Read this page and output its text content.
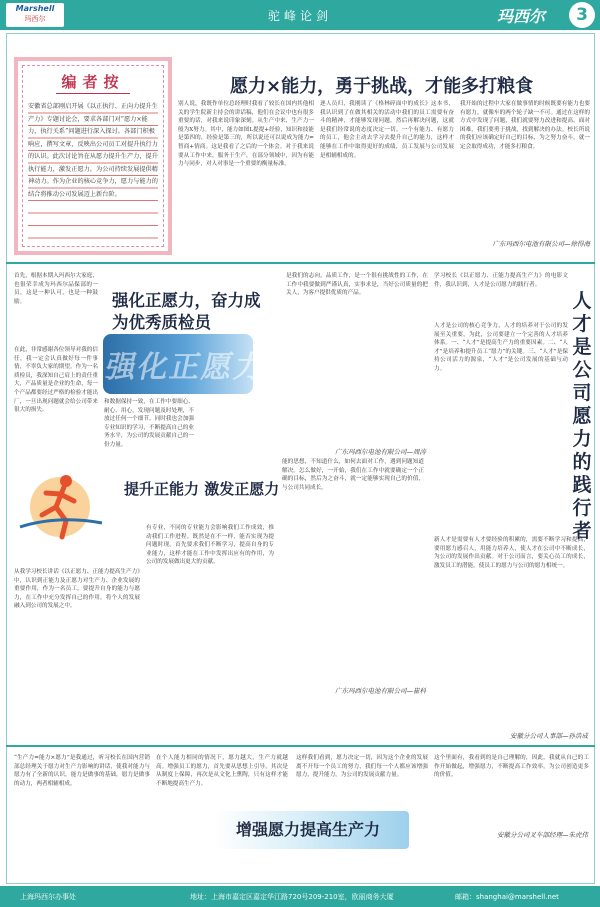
Marshell
玛西尔	驼峰论剑	玛西尔	3
编者按
安徽省总部刚启开展《以正执行、正向力提升生产力》专题讨论会，要求各部门对“愿力×能力，执行关系”问题进行深入探讨。各部门积极响应，撰写文章，反映出公司员工对提升执行力的认识。此次讨论旨在从愿力提升生产力，提升执行能力，激发正愿力，为公司持续发展提供精神动力。作为企业的核心竞争力，愿力与能力的结合将推动公司发展迈上新台阶。
愿力×能力，勇于挑战，才能多打粮食
别人说，我既作单位总经理时我看了较长在国内其他相关的学生院新主持会的讲话稿，他们在会议中也有很多重要的话，对我来说印象深刻。从生产中来，生产力一般为X努力。其中，能力如图L提提+经验，知识和技能是第四的，经验是第三的，所以说还可以说成为能力=智商+情商。这是我看了之后的一个体会。对于我来说要从工作中来，服务于生产，在部分领域中，因为有能力与同步，对人对事是一个重要的衡量标准。
逐人员归，我刚读了《格林碎面中的成长》这本书，我认识到了在做其相关的活动中我们的员工需要有奋斗的精神，才能够发现问题，然后再解决问题，这就是我们经常说的态度决定一切。一个有能力、有愿力的员工，他会主动去学习去提升自己的能力，这样才能够在工作中取得更好的成绩，员工发展与公司发展是相辅相成的。
我开始的过程中大家在做事情的时候既要有能力也要有愿力，就像车的两个轮子缺一不可。通过在这样的方式中发现了问题，我们就要努力改进和提高。面对困难，我们要勇于挑战，找到解决的办法。校长所说的我们应该确定好自己的目标，为之努力奋斗，就一定会取得成功，才能多打粮食。
广东玛西尔电池有限公司—徐得海
首先，根据本期入玛西尔大家庭，也很荣幸成为玛西尔品保部的一员，这是一种认可，也是一种鼓励。	强化正愿力，奋力成为优秀质检员
强化正愿力
在此，非常感谢各位领导对我的信任，我一定会认真做好每一件事情，不辜负大家的期望。作为一名质检员，我深知自己肩上的责任重大，产品质量是企业的生命，每一个产品都要经过严格的检验才能出厂，一旦出现问题就会给公司带来很大的损失。
和数据保持一致，在工作中要细心、耐心、用心，发现问题及时处理，不放过任何一个细节。同时我也会加强专业知识的学习，不断提高自己的业务水平，为公司的发展贡献自己的一份力量。
是我们的志向。品质工作，是一个很有挑战性的工作，在工作中我要做到严谨认真，实事求是，当好公司质量的把关人，为客户提供优质的产品。
广东玛西尔电池有限公司—周涛
提升正能力 激发正愿力
从我学习校长讲话《以正愿力、正能力提高生产力》中，认识到正能力及正愿力对生产力、企业发展的重要作用，作为一名员工，要提升自身的能力与愿力，在工作中充分发挥自己的作用，将个人的发展融入到公司的发展之中。
有专业，不同的专业能力会影响我们工作成效，推动我们工作进程。既然是在不一样，能否实现为提问题时现。首先要求我们不断学习，提高自身的专业能力，这样才能在工作中发挥出应有的作用，为公司的发展做出更大的贡献。
能的思想，不知道什么，如何去面对工作，遇到问题知道解决。怎么做好，一开始，我们在工作中就要确定一个正确的目标，然后为之奋斗，就一定能够实现自己的价值，与公司共同成长。
广东玛西尔电池有限公司—崔科
人才是公司愿力的践行者
学习校长《以正愿力、正能力提高生产力》的电影文件，我认识到，人才是公司愿力的践行者。
人才是公司的核心竞争力，人才的培养对于公司的发展至关重要，为此，公司要建立一个完善的人才培养体系。一、“人才”是提高生产力的重要因素。二、“人才”是培养和提升员工“愿力”的关键。三、“人才”是保持公司活力的源泉，“人才”是公司发展的基础与动力。
新人才是需要有人才要经验的积累的，需要不断学习和提高，要用愿力感召人，用能力培养人，使人才在公司中不断成长，为公司的发展作出贡献。对于公司而言，要关心员工的成长，激发员工的潜能，使员工的愿力与公司的愿力相统一。
安徽分公司人事部—孙浩成
“生产力=能力×愿力”是我通过，听习校长在国内营销部总经理关于愿力对生产力影响的讲话，使我对能力与愿力有了全新的认识，能力是做事的基础，愿力是做事的动力，两者相辅相成。
在个人能力相同的情况下，愿力越大，生产力就越高。增强员工的愿力，首先要从思想上引导，其次是从制度上保障，再次是从文化上熏陶，只有这样才能不断地提高生产力。
增强愿力提高生产力
这样我们看到，愿力决定一切，因为这个企业的发展离不开每一个员工的努力，我们每一个人都应该增强愿力，提升能力，为公司的发展贡献力量。
这个里面有，我看到的是自己理解的，因此，我就从自己的工作开始做起，增强愿力，不断提高工作效率，为公司创造更多的价值。
安徽分公司叉车部经理—朱虎伟
上海玛西尔办事处	地址：上海市嘉定区嘉定华江路720号209-210室，欧丽商务大厦	邮箱：shanghai@marshell.net
